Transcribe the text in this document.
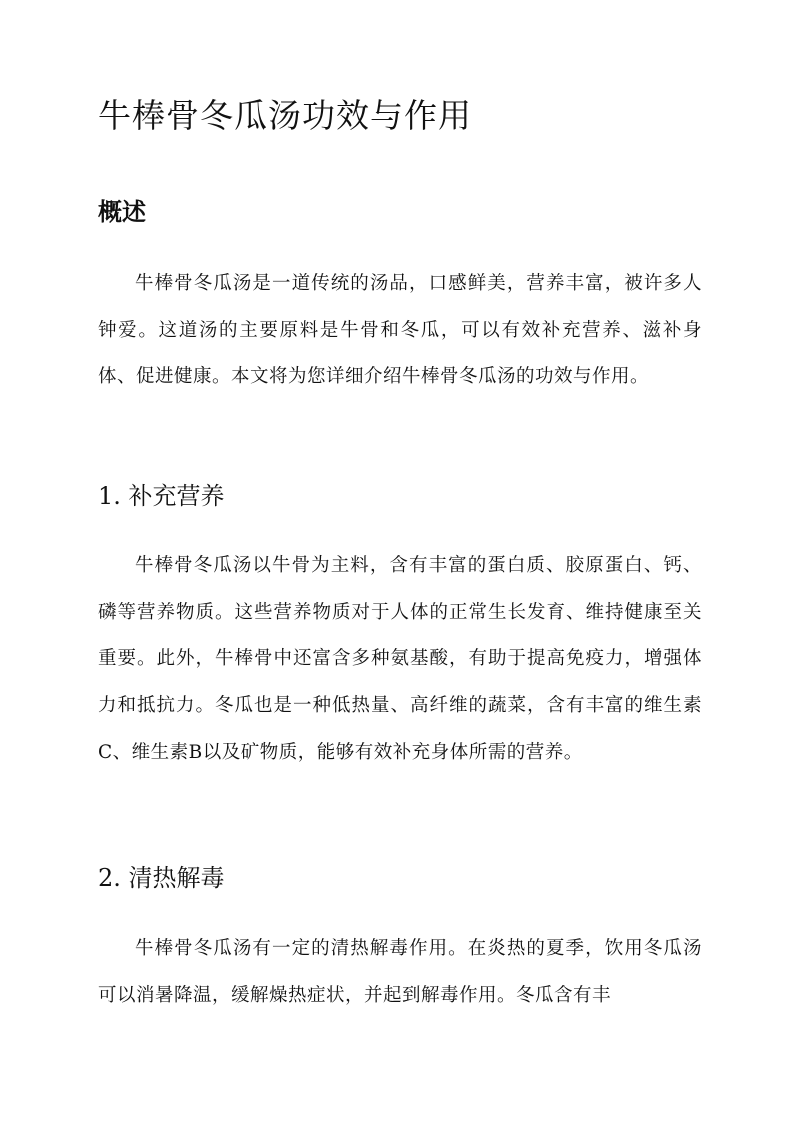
牛棒骨冬瓜汤功效与作用
概述

牛棒骨冬瓜汤是一道传统的汤品，口感鲜美，营养丰富，被许多人钟爱。这道汤的主要原料是牛骨和冬瓜，可以有效补充营养、滋补身体、促进健康。本文将为您详细介绍牛棒骨冬瓜汤的功效与作用。

1. 补充营养

牛棒骨冬瓜汤以牛骨为主料，含有丰富的蛋白质、胶原蛋白、钙、磷等营养物质。这些营养物质对于人体的正常生长发育、维持健康至关重要。此外，牛棒骨中还富含多种氨基酸，有助于提高免疫力，增强体力和抵抗力。冬瓜也是一种低热量、高纤维的蔬菜，含有丰富的维生素C、维生素B以及矿物质，能够有效补充身体所需的营养。

2. 清热解毒

牛棒骨冬瓜汤有一定的清热解毒作用。在炎热的夏季，饮用冬瓜汤可以消暑降温，缓解燥热症状，并起到解毒作用。冬瓜含有丰
